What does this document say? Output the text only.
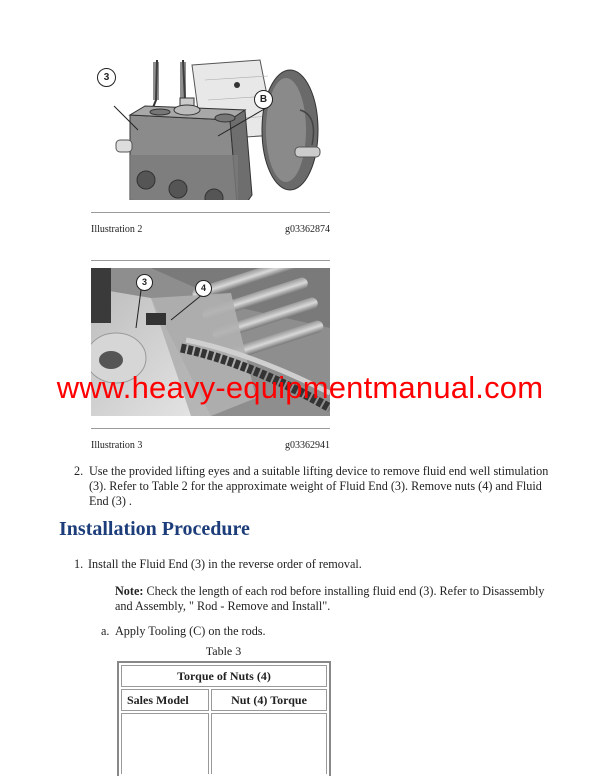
3
B
Illustration 2	g03362874
3
4
www.heavy-equipmentmanual.com
Illustration 3	g03362941
2. Use the provided lifting eyes and a suitable lifting device to remove fluid end well stimulation
(3). Refer to Table 2 for the approximate weight of Fluid End (3). Remove nuts (4) and Fluid
End (3) .
Installation Procedure
1. Install the Fluid End (3) in the reverse order of removal.
Note: Check the length of each rod before installing fluid end (3). Refer to Disassembly
and Assembly, " Rod - Remove and Install".
a. Apply Tooling (C) on the rods.
Table 3
Torque of Nuts (4)	
Sales Model	Nut (4) Torque
